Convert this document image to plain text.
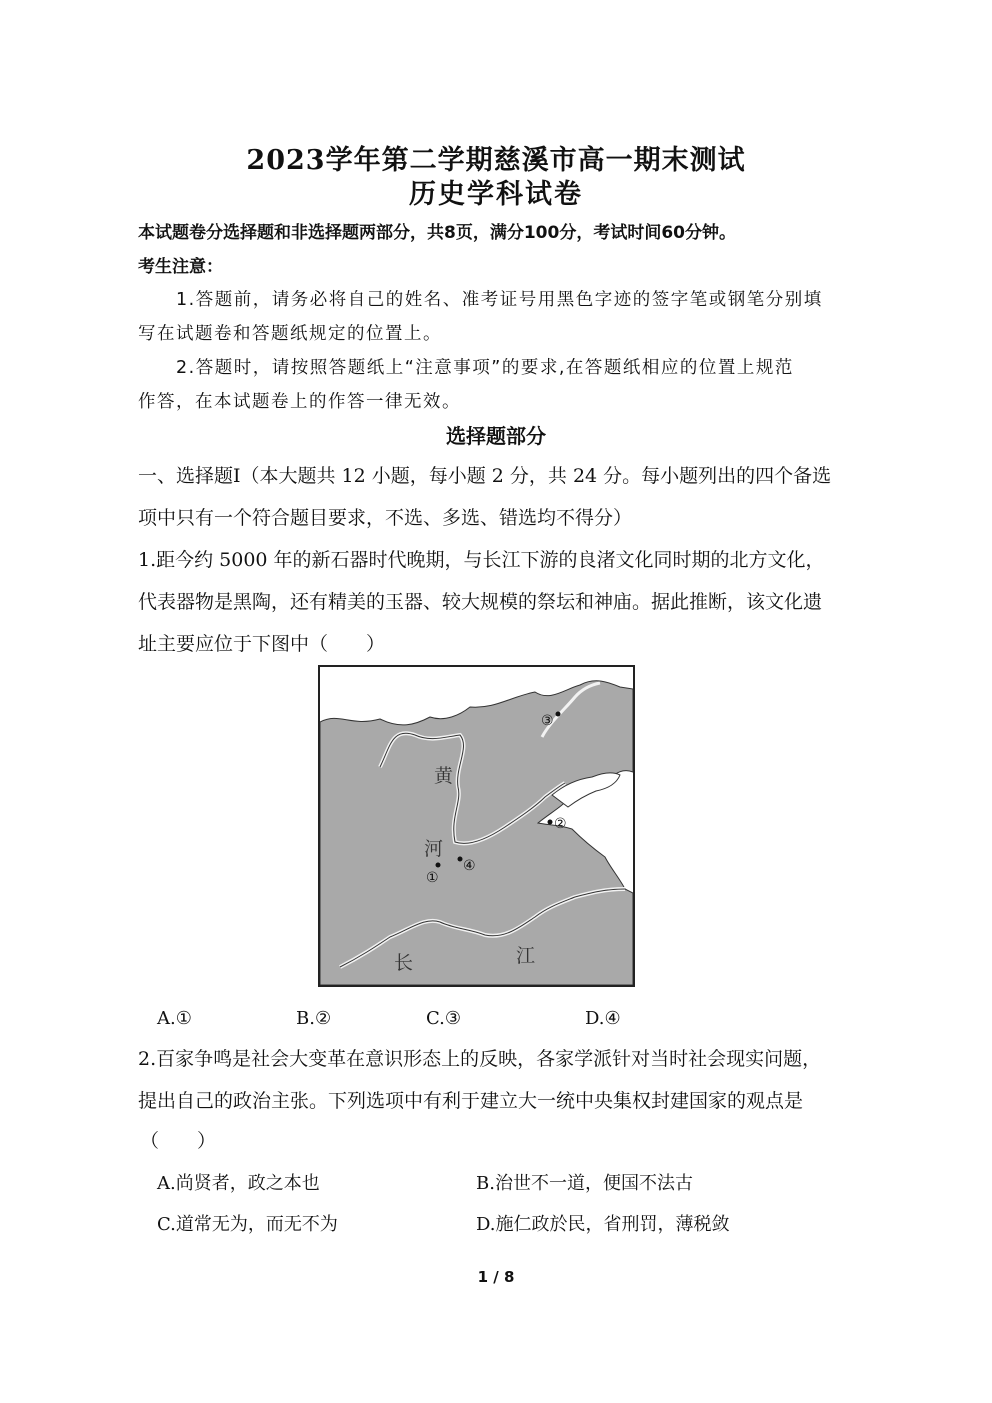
2023学年第二学期慈溪市高一期末测试
历史学科试卷
本试题卷分选择题和非选择题两部分，共8页，满分100分，考试时间60分钟。
考生注意：
1.答题前，请务必将自己的姓名、准考证号用黑色字迹的签字笔或钢笔分别填
写在试题卷和答题纸规定的位置上。
2.答题时，请按照答题纸上“注意事项”的要求,在答题纸相应的位置上规范
作答，在本试题卷上的作答一律无效。
选择题部分
一、选择题Ⅰ（本大题共 12 小题，每小题 2 分，共 24 分。每小题列出的四个备选
项中只有一个符合题目要求，不选、多选、错选均不得分）
1.距今约 5000 年的新石器时代晚期，与长江下游的良渚文化同时期的北方文化，
代表器物是黑陶，还有精美的玉器、较大规模的祭坛和神庙。据此推断，该文化遗
址主要应位于下图中（　　）
①
②
③
④
黄
河
长	江
A.①	B.②	C.③	D.④
2.百家争鸣是社会大变革在意识形态上的反映，各家学派针对当时社会现实问题，
提出自己的政治主张。下列选项中有利于建立大一统中央集权封建国家的观点是
（　　）
A.尚贤者，政之本也	B.治世不一道，便国不法古
C.道常无为，而无不为	D.施仁政於民，省刑罚，薄税敛
1 / 8
